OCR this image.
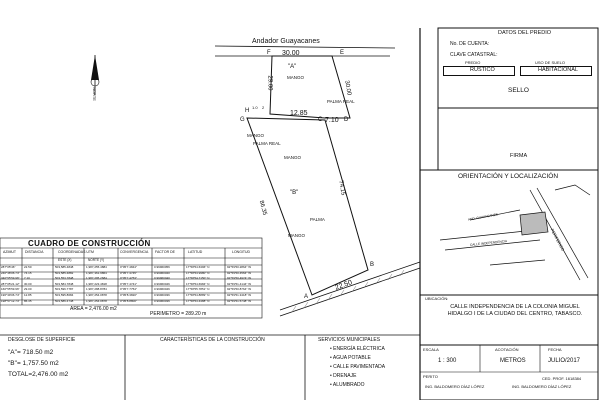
Andador Guayacanes
30.00
F	E
"A"
MANGO
29.00	30.00
PALMA REAL
H
1.0 2
12.85
G	C 7.10 D
MANGO
PALMA REAL
MANGO
"B"	74.15
86.35
PALMA
MANGO
22.50
A
B
NORTE
CUADRO DE CONSTRUCCIÓN
AZIMUT	DISTANCIA	COORDENADAS UTM	CONVERGENCIA FACTOR DE	LATITUD	LONGITUD
ESTE (X)	NORTE (Y)
287°05'46"	22.50	503,585.4848	1,987,255.4884	0°05'7.4844"	0.99960056	17°58'54.6396" N	92°59'50.2864" W
240°38'06.74" 74.15	503,585.4882	1,987,361.9864	0°05'7.4745"	0.99960040	17°58'54.9980" N	92°59'50.4564" W
340°55'59.96" 7.10	503,553.7848	1,987,295.2684	0°05'7.4753"	0.99960040	17°58'54.7150" N	92°59'50.4974" W
287°05'21.12" 30.00	503,584.7848	1,987,223.4818	0°05'7.4741"	0.99960046	17°58'54.6984" N	92°59'51.4144" W
160°55'59.96" 29.00	503,596.7787	1,987,288.8784	0°05'7.7754"	0.99960046	17°58'55.7851" N	92°59'50.8764" W
196°39'06.74" 12.85	503,595.8684	1,987,254.0878	0°05'8.3820"	0.99960036	17°58'54.8889" N	92°59'51.3418" W
198°57'12.74" 86.35	503,586.4748	1,987,254.0878	0°05'8.8800"	0.99960036	17°58'53.4488" N	92°59'51.5748" W
AREA = 2,476.00 m2
PERIMETRO = 289.20 m
DATOS DEL PREDIO
No. DE CUENTA:
CLAVE CATASTRAL:
PREDIO	USO DE SUELO
RÚSTICO	HABITACIONAL
SELLO
FIRMA
ORIENTACIÓN Y LOCALIZACIÓN
PERIFERICO
AND. GUAYACANES
CALLE INDEPENDENCIA
UBICACIÓN:
CALLE INDEPENDENCIA DE LA COLONIA MIGUEL HIDALGO I DE LA CIUDAD DEL CENTRO, TABASCO.
ESCALA
1 : 300
ACOTACIÓN
METROS
FECHA
JULIO/2017
PERITO	CED. PROF. 1618384
ING. BALDOMERO DÍAZ LÓPEZ	ING. BALDOMERO DÍAZ LÓPEZ
DESGLOSE DE SUPERFICIE
"A"= 718.50 m2
"B"= 1,757.50 m2
TOTAL=2,476.00 m2
CARACTERÍSTICAS DE LA CONSTRUCCIÓN	SERVICIOS MUNICIPALES
• ENERGÍA ELÉCTRICA
• AGUA POTABLE
• CALLE PAVIMENTADA
• DRENAJE
• ALUMBRADO
